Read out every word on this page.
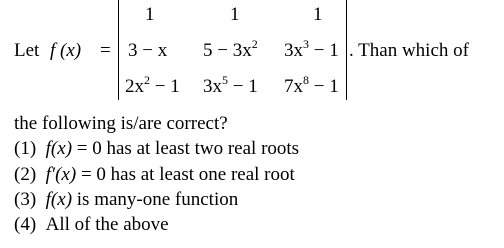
Let f (x) =
1	1	1
3 − x $5 - 3x^2$ $3x^3 - 1$
$2x^2 - 1$ $3x^5 - 1$ $7x^8 - 1$
. Than which of
the following is/are correct?
(1) f(x) = 0 has at least two real roots
(2) f′(x) = 0 has at least one real root
(3) f(x) is many-one function
(4) All of the above
